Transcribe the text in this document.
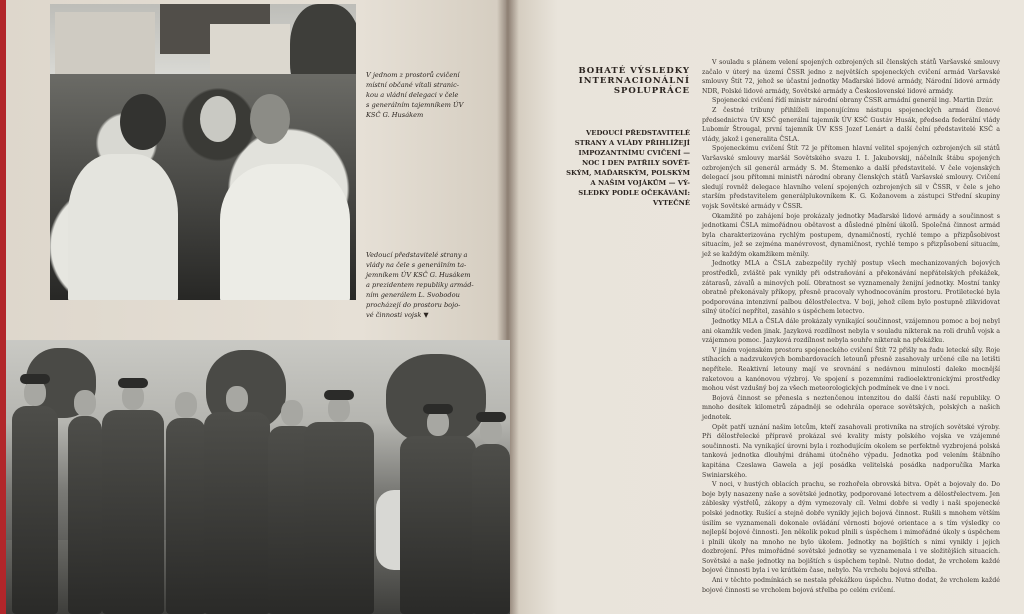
V jednom z prostorů cvičení
místní občané vítali stranic-
kou a vládní delegaci v čele
s generálním tajemníkem ÚV
KSČ G. Husákem

Vedoucí představitelé strany a
vlády na čele s generálním ta-
jemníkem ÚV KSČ G. Husákem
a prezidentem republiky armád-
ním generálem L. Svobodou
procházejí do prostoru bojo-
vé činnosti vojsk ▼

BOHATÉ VÝSLEDKY
INTERNACIONÁLNÍ
SPOLUPRÁCE

VEDOUCÍ PŘEDSTAVITELÉ
STRANY A VLÁDY PŘIHLÍŽEJÍ
IMPOZANTNÍMU CVIČENÍ —
NOC I DEN PATŘILY SOVĚT-
SKÝM, MAĎARSKÝM, POLSKÝM
A NAŠIM VOJÁKŮM — VÝ-
SLEDKY PODLE OČEKÁVÁNÍ:
VYTEČNÉ

V souladu s plánem velení spojených ozbrojených sil členských států Varšavské smlouvy začalo v úterý na území ČSSR jedno z největších spojeneckých cvičení armád Varšavské smlouvy Štít 72, jehož se účastní jednotky Maďarské lidové armády, Národní lidové armády NDR, Polské lidové armády, Sovětské armády a Československé lidové armády.

Spojenecké cvičení řídí ministr národní obrany ČSSR armádní generál ing. Martin Dzúr.

Z čestné tribuny přihlíželi imponujícímu nástupu spojeneckých armád členové předsednictva ÚV KSČ generální tajemník ÚV KSČ Gustáv Husák, předseda federální vlády Lubomír Štrougal, první tajemník ÚV KSS Jozef Lenárt a další čelní představitelé KSČ a vlády, jakož i generalita ČSLA.

Spojeneckému cvičení Štít 72 je přítomen hlavní velitel spojených ozbrojených sil států Varšavské smlouvy maršál Sovětského svazu I. I. Jakubovskij, náčelník štábu spojených ozbrojených sil generál armády S. M. Štemenko a další představitelé. V čele vojenských delegací jsou přítomni ministři národní obrany členských států Varšavské smlouvy. Cvičení sledují rovněž delegace hlavního velení spojených ozbrojených sil v ČSSR, v čele s jeho starším představitelem generálplukovníkem K. G. Kožanovem a zástupci Střední skupiny vojsk Sovětské armády v ČSSR.

Okamžitě po zahájení boje prokázaly jednotky Maďarské lidové armády a součinnost s jednotkami ČSLA mimořádnou obětavost a důsledné plnění úkolů. Společná činnost armád byla charakterizována rychlým postupem, dynamičností, rychlé tempo a přizpůsobivost situacím, jež se zejména manévrovost, dynamičnost, rychlé tempo s přizpůsobení situacím, jež se každým okamžikem měnily.

Jednotky MLA a ČSLA zabezpečily rychlý postup všech mechanizovaných bojových prostředků, zvláště pak vynikly při odstraňování a překonávání nepřátelských překážek, zátarasů, závalů a minových polí. Obratnost se vyznamenaly ženijní jednotky. Mostní tanky obratně překonávaly příkopy, přesně pracovaly vyhodnocováním prostoru. Protiletecké byla podporována intenzivní palbou dělostřelectva. V boji, jehož cílem bylo postupně zlikvidovat silný útočící nepřítel, zasáhlo s úspěchem letectvo.

Jednotky MLA a ČSLA dále prokázaly vynikající součinnost, vzájemnou pomoc a boj nebyl ani okamžik veden jinak. Jazyková rozdílnost nebyla v souladu nikterak na roli druhů vojsk a vzájemnou pomoc. Jazyková rozdílnost nebyla souhře nikterak na překážku.

V jiném vojenském prostoru spojeneckého cvičení Štít 72 přišly na řadu letecké síly. Roje stíhacích a nadzvukových bombardovacích letounů přesně zasahovaly určené cíle na letišti nepřítele. Reaktivní letouny mají ve srovnání s nedávnou minulostí daleko mocnější raketovou a kanónovou výzbroj. Ve spojení s pozemními radioelektronickými prostředky mohou vést vzdušný boj za všech meteorologických podmínek ve dne i v noci.

Bojová činnost se přenesla s neztenčenou intenzitou do další části naší republiky. O mnoho desítek kilometrů západněji se odehrála operace sovětských, polských a našich jednotek.

Opět patří uznání našim letcům, kteří zasahovali protivníka na strojích sovětské výroby. Při dělostřelecké přípravě prokázal své kvality místy polského vojska ve vzájemné součinnosti. Na vynikající úrovni byla i rozhodujícím okolem se perfektně vyzbrojená polská tanková jednotka dlouhými dráhami útočného výpadu. Jednotka pod velením štábního kapitána Czeslawa Gawela a její posádka velitelská posádka nadporučíka Marka Swiniarského.

V noci, v hustých oblacích prachu, se rozhořela obrovská bitva. Opět a bojovaly do. Do boje byly nasazeny naše a sovětské jednotky, podporované letectvem a dělostřelectvem. Jen záblesky výstřelů, zákopy a dým vymezovaly cíl. Velmi dobře si vedly i naši spojenecké polské jednotky. Rušící a stejně dobře vynikly jejich bojová činnost. Rušili s mnohem větším úsilím se vyznamenali dokonale ovládání věrnosti bojové orientace a s tím výsledky co nejlepší bojové činnosti. Jen několik pokud plnili s úspěchem i mimořádné úkoly s úspěchem i plnili úkoly na mnoho ne bylo úkolem. Jednotky na bojištích s nimi vynikly i jejich dozbrojení. Přes mimořádné sovětské jednotky se vyznamenala i ve složitějších situacích. Sovětské a naše jednotky na bojištích s úspěchem teplně. Nutno dodat, že vrcholem každé bojové činnosti byla i ve krátkém čase, nebylo. Na vrcholu bojová střelba.

Ani v těchto podmínkách se nestala překážkou úspěchu. Nutno dodat, že vrcholem každé bojové činnosti se vrcholem bojová střelba po celém cvičení.
